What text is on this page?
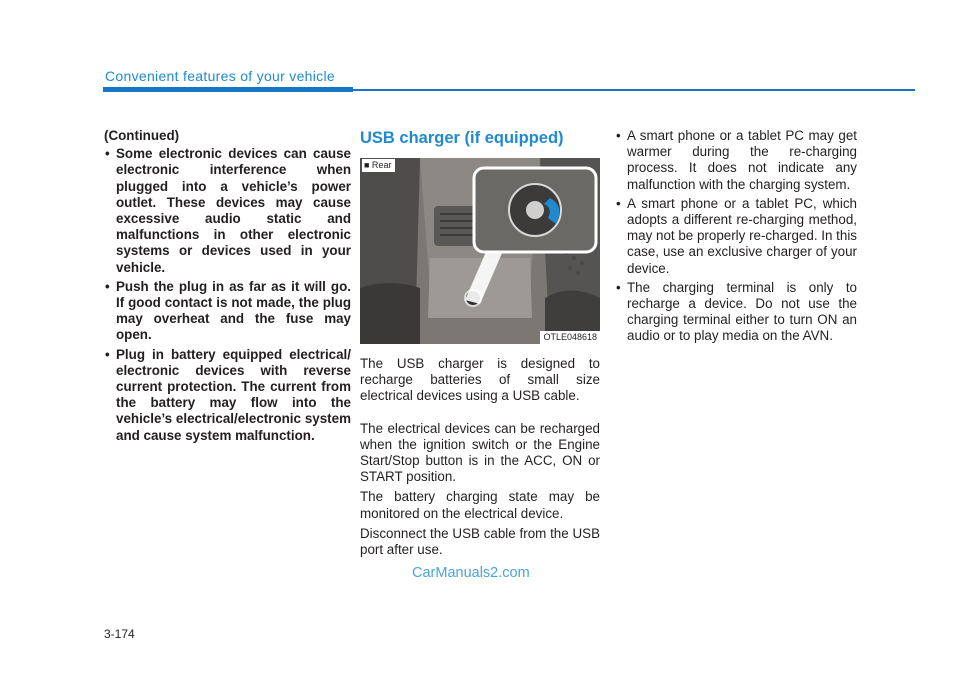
Convenient features of your vehicle

(Continued)

• Some electronic devices can cause electronic interference when plugged into a vehicle’s power outlet. These devices may cause excessive audio static and malfunctions in other electronic systems or devices used in your vehicle.
• Push the plug in as far as it will go. If good contact is not made, the plug may overheat and the fuse may open.
• Plug in battery equipped electrical/ electronic devices with reverse current protection. The current from the battery may flow into the vehicle’s electrical/electronic system and cause system malfunction.
USB charger (if equipped)
■ Rear
OTLE048618

The USB charger is designed to recharge batteries of small size electrical devices using a USB cable.

The electrical devices can be recharged when the ignition switch or the Engine Start/Stop button is in the ACC, ON or START position.

The battery charging state may be monitored on the electrical device.

Disconnect the USB cable from the USB port after use.

• A smart phone or a tablet PC may get warmer during the re-charging process. It does not indicate any malfunction with the charging system.
• A smart phone or a tablet PC, which adopts a different re-charging method, may not be properly re-charged. In this case, use an exclusive charger of your device.
• The charging terminal is only to recharge a device. Do not use the charging terminal either to turn ON an audio or to play media on the AVN.
CarManuals2.com
3-174
